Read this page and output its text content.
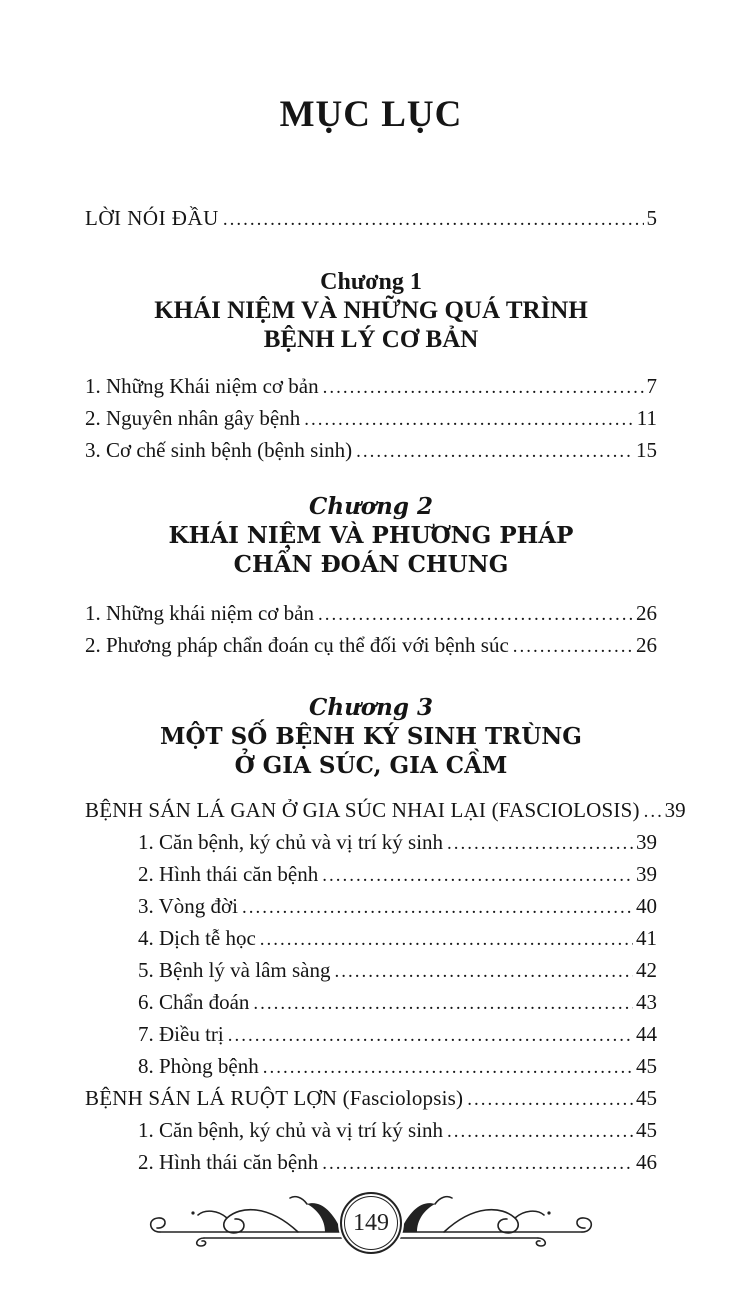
MỤC LỤC
LỜI NÓI ĐẦU .....	5
Chương 1
KHÁI NIỆM VÀ NHỮNG QUÁ TRÌNH
BỆNH LÝ CƠ BẢN
1. Những Khái niệm cơ bản .....	7
2. Nguyên nhân gây bệnh .....	11
3. Cơ chế sinh bệnh (bệnh sinh) .....	15
Chương 2
KHÁI NIỆM VÀ PHƯƠNG PHÁP
CHẨN ĐOÁN CHUNG
1. Những khái niệm cơ bản .....	26
2. Phương pháp chẩn đoán cụ thể đối với bệnh súc .....	26
Chương 3
MỘT SỐ BỆNH KÝ SINH TRÙNG
Ở GIA SÚC, GIA CẦM
BỆNH SÁN LÁ GAN Ở GIA SÚC NHAI LẠI (FASCIOLOSIS) ..... 39
1. Căn bệnh, ký chủ và vị trí ký sinh .....	39
2. Hình thái căn bệnh .....	39
3. Vòng đời .....	40
4. Dịch tễ học .....	41
5. Bệnh lý và lâm sàng .....	42
6. Chẩn đoán .....	43
7. Điều trị .....	44
8. Phòng bệnh .....	45
BỆNH SÁN LÁ RUỘT LỢN (Fasciolopsis) .....	45
1. Căn bệnh, ký chủ và vị trí ký sinh .....	45
2. Hình thái căn bệnh .....	46
149
